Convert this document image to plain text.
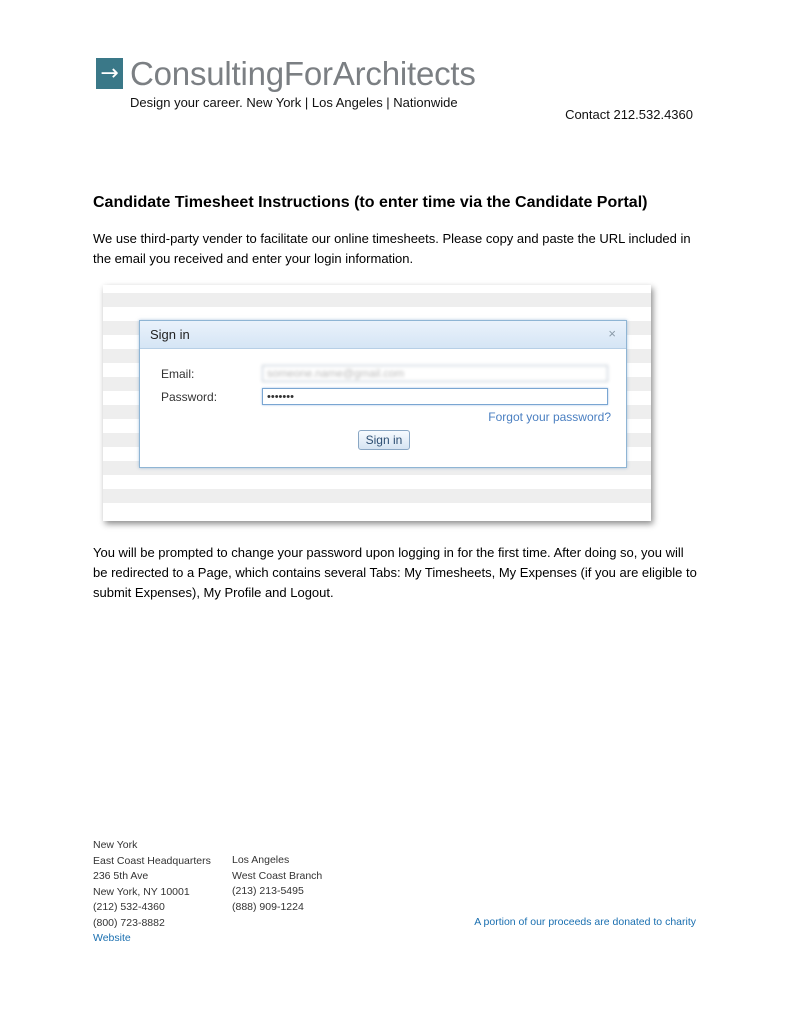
→ ConsultingForArchitects
Design your career. New York | Los Angeles | Nationwide
Contact 212.532.4360
Candidate Timesheet Instructions (to enter time via the Candidate Portal)
We use third-party vender to facilitate our online timesheets. Please copy and paste the URL included in
the email you received and enter your login information.
Sign in	×
Email:	someone.name@gmail.com
Password:	•••••••
Forgot your password?
Sign in
You will be prompted to change your password upon logging in for the first time. After doing so, you will
be redirected to a Page, which contains several Tabs: My Timesheets, My Expenses (if you are eligible to
submit Expenses), My Profile and Logout.
New York
East Coast Headquarters
236 5th Ave
New York, NY 10001
(212) 532-4360
(800) 723-8882
Website
Los Angeles
West Coast Branch
(213) 213-5495
(888) 909-1224
A portion of our proceeds are donated to charity
